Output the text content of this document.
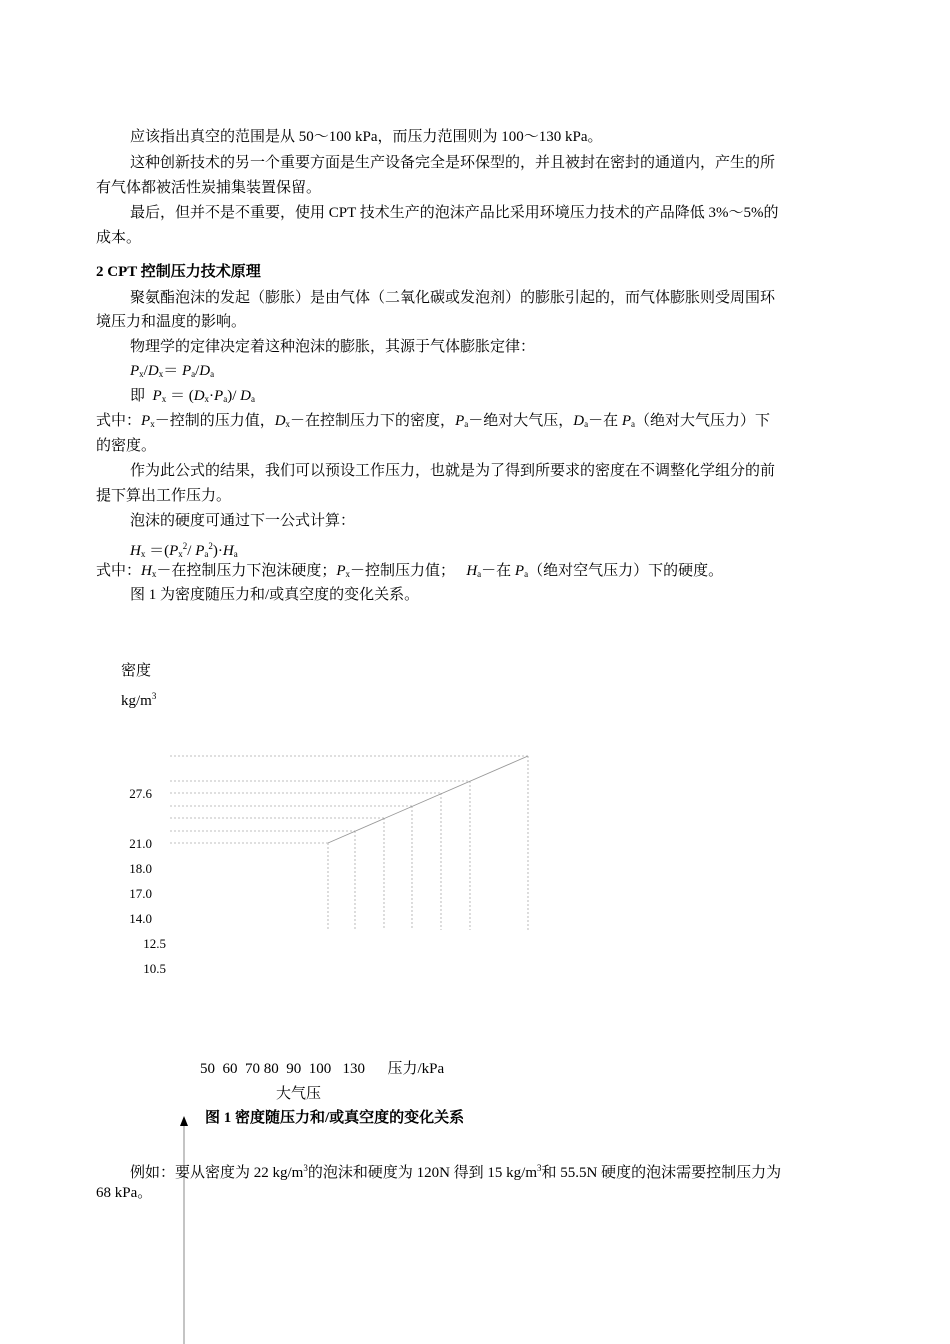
应该指出真空的范围是从 50～100 kPa，而压力范围则为 100～130 kPa。
这种创新技术的另一个重要方面是生产设备完全是环保型的，并且被封在密封的通道内，产生的所
有气体都被活性炭捕集装置保留。
最后，但并不是不重要，使用 CPT 技术生产的泡沫产品比采用环境压力技术的产品降低 3%～5%的
成本。
2 CPT 控制压力技术原理
聚氨酯泡沫的发起（膨胀）是由气体（二氧化碳或发泡剂）的膨胀引起的，而气体膨胀则受周围环
境压力和温度的影响。
物理学的定律决定着这种泡沫的膨胀，其源于气体膨胀定律：
$P_x/D_x= P_a/D_a$
即 $P_x = (D_x\cdot P_a)/$ $D_a$
式中：$P_x-$控制的压力值，$D_x-$在控制压力下的密度，$P_a-$绝对大气压，$D_a-$在 $P_a$（绝对大气压力）下
的密度。
作为此公式的结果，我们可以预设工作压力，也就是为了得到所要求的密度在不调整化学组分的前
提下算出工作压力。
泡沫的硬度可通过下一公式计算：
$H_x =(P_x^2/$ $P_a^2)\cdot H_a$
式中：$H_x-$在控制压力下泡沫硬度；$P_x-$控制压力值； $H_a-$在 $P_a$（绝对空气压力）下的硬度。
图 1 为密度随压力和/或真空度的变化关系。
密度
$kg/m^3$
27.6
21.0
18.0
17.0
14.0
12.5
10.5
50 60 70 80 90 100 130 压力/kPa
大气压
图 1 密度随压力和/或真空度的变化关系
例如：要从密度为 22 $kg/m^3$的泡沫和硬度为 120N 得到 15 $kg/m^3$和 55.5N 硬度的泡沫需要控制压力为
68 kPa。
